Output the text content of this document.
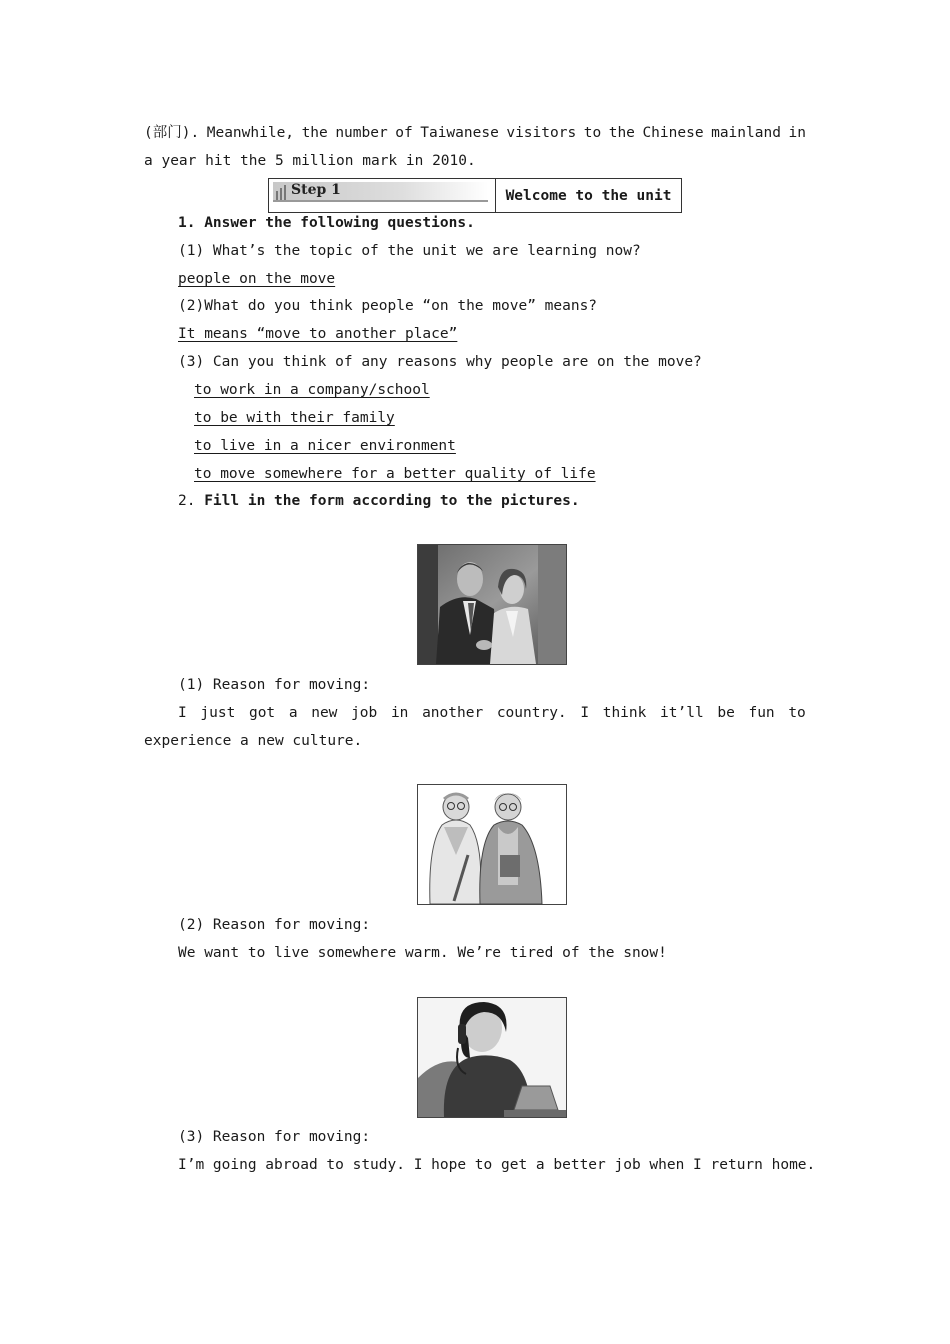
(部门). Meanwhile, the number of Taiwanese visitors to the Chinese mainland in
a year hit the 5 million mark in 2010.
Step 1	Welcome to the unit
1. Answer the following questions.
(1) What’s the topic of the unit we are learning now?
people on the move
(2)What do you think people “on the move” means?
It means “move to another place”
(3) Can you think of any reasons why people are on the move?
to work in a company/school
to be with their family
to live in a nicer environment
to move somewhere for a better quality of life
2. Fill in the form according to the pictures.
(1) Reason for moving:
I just got a new job in another country. I think it’ll be fun to
experience a new culture.
(2) Reason for moving:
We want to live somewhere warm. We’re tired of the snow!
(3) Reason for moving:
I’m going abroad to study. I hope to get a better job when I return home.
